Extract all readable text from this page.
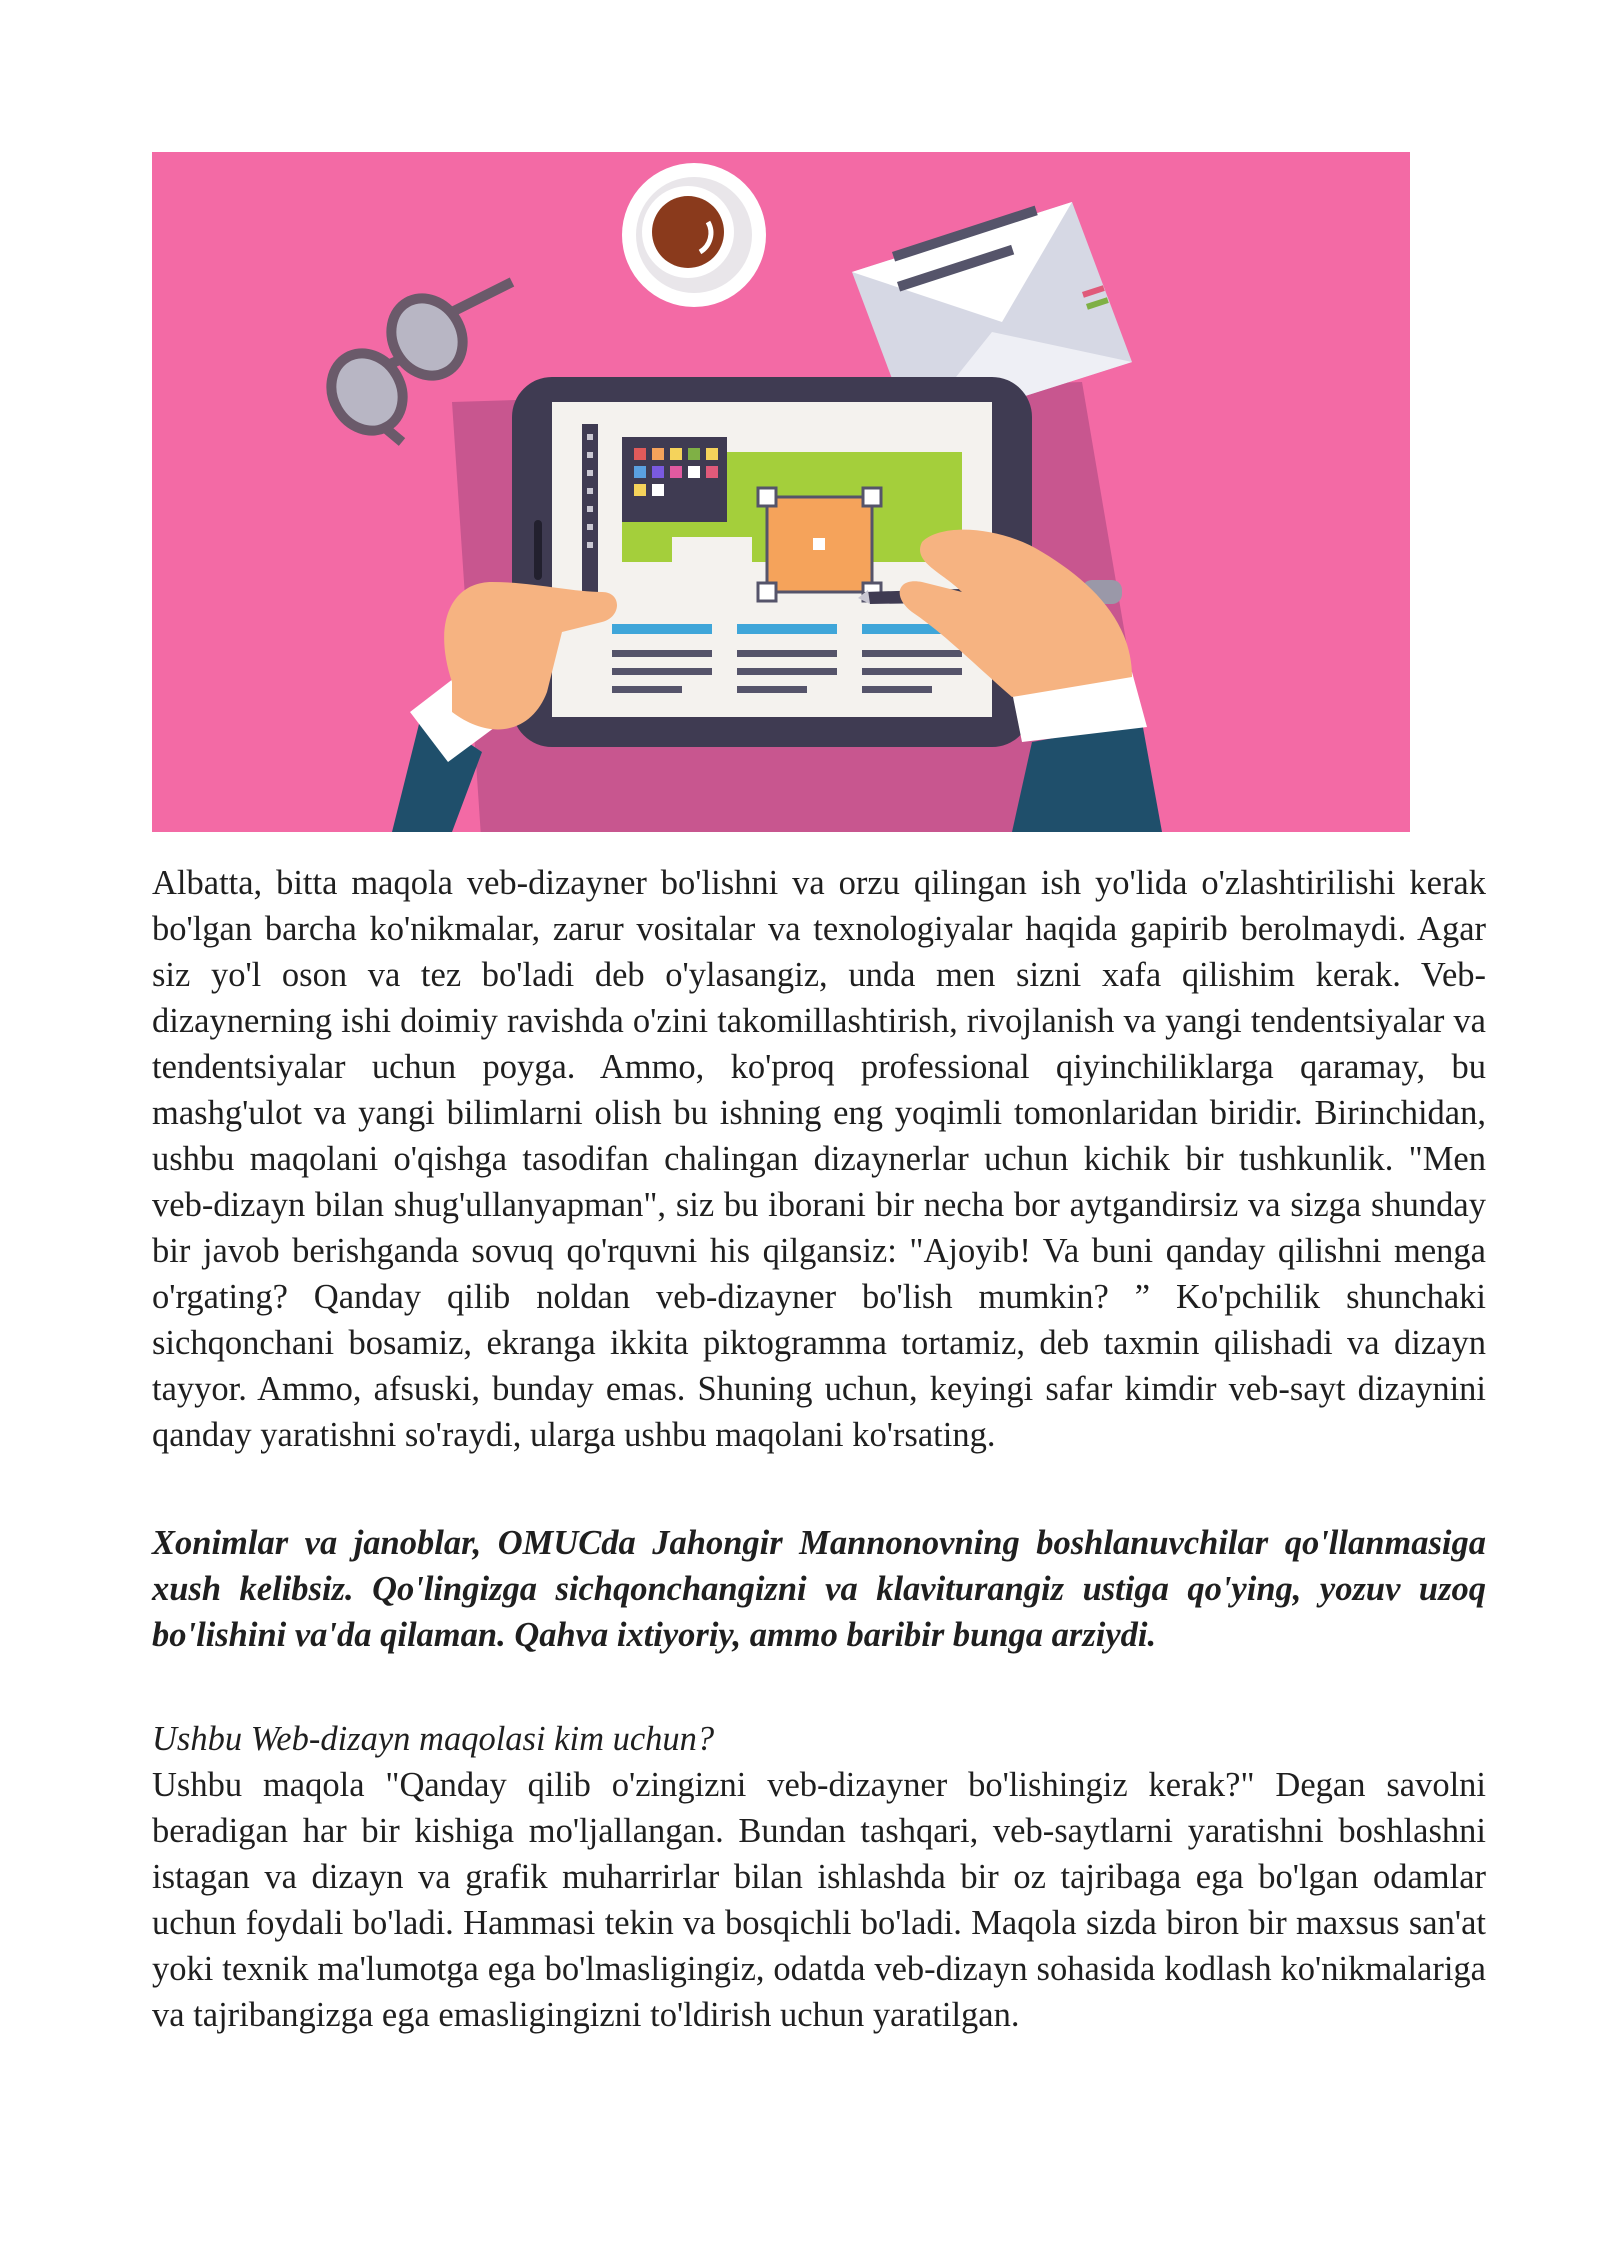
Albatta, bitta maqola veb-dizayner bo'lishni va orzu qilingan ish yo'lida o'zlashtirilishi kerak bo'lgan barcha ko'nikmalar, zarur vositalar va texnologiyalar haqida gapirib berolmaydi. Agar siz yo'l oson va tez bo'ladi deb o'ylasangiz, unda men sizni xafa qilishim kerak. Veb-dizaynerning ishi doimiy ravishda o'zini takomillashtirish, rivojlanish va yangi tendentsiyalar va tendentsiyalar uchun poyga. Ammo, ko'proq professional qiyinchiliklarga qaramay, bu mashg'ulot va yangi bilimlarni olish bu ishning eng yoqimli tomonlaridan biridir. Birinchidan, ushbu maqolani o'qishga tasodifan chalingan dizaynerlar uchun kichik bir tushkunlik. "Men veb-dizayn bilan shug'ullanyapman", siz bu iborani bir necha bor aytgandirsiz va sizga shunday bir javob berishganda sovuq qo'rquvni his qilgansiz: "Ajoyib! Va buni qanday qilishni menga o'rgating? Qanday qilib noldan veb-dizayner bo'lish mumkin? ” Ko'pchilik shunchaki sichqonchani bosamiz, ekranga ikkita piktogramma tortamiz, deb taxmin qilishadi va dizayn tayyor. Ammo, afsuski, bunday emas. Shuning uchun, keyingi safar kimdir veb-sayt dizaynini qanday yaratishni so'raydi, ularga ushbu maqolani ko'rsating.

Xonimlar va janoblar, OMUCda Jahongir Mannonovning boshlanuvchilar qo'llanmasiga xush kelibsiz. Qo'lingizga sichqonchangizni va klaviturangiz ustiga qo'ying, yozuv uzoq bo'lishini va'da qilaman. Qahva ixtiyoriy, ammo baribir bunga arziydi.

Ushbu Web-dizayn maqolasi kim uchun?

Ushbu maqola "Qanday qilib o'zingizni veb-dizayner bo'lishingiz kerak?" Degan savolni beradigan har bir kishiga mo'ljallangan. Bundan tashqari, veb-saytlarni yaratishni boshlashni istagan va dizayn va grafik muharrirlar bilan ishlashda bir oz tajribaga ega bo'lgan odamlar uchun foydali bo'ladi. Hammasi tekin va bosqichli bo'ladi. Maqola sizda biron bir maxsus san'at yoki texnik ma'lumotga ega bo'lmasligingiz, odatda veb-dizayn sohasida kodlash ko'nikmalariga va tajribangizga ega emasligingizni to'ldirish uchun yaratilgan.
